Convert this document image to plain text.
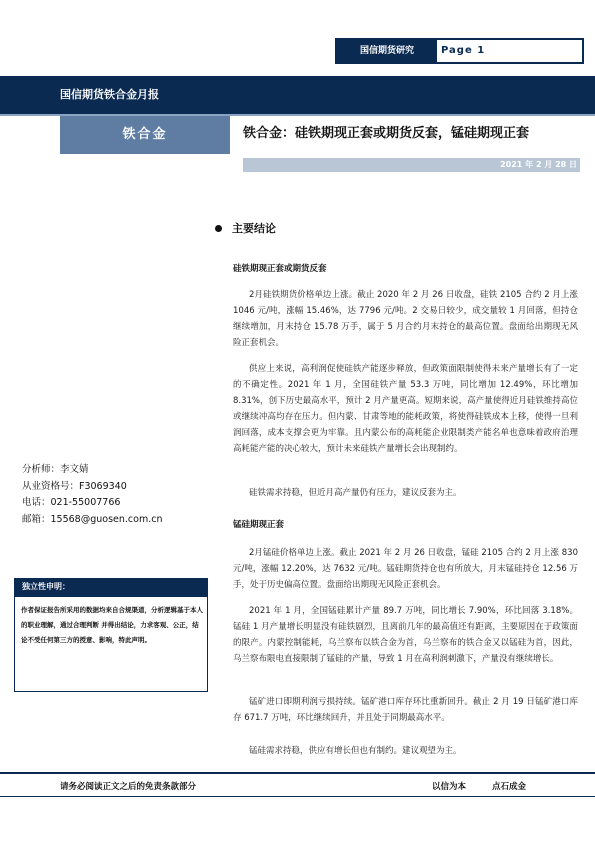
国信期货研究	Page 1
国信期货铁合金月报
铁合金	铁合金：硅铁期现正套或期货反套，锰硅期现正套
2021 年 2 月 28 日
主要结论
硅铁期现正套或期货反套
2月硅铁期货价格单边上涨。截止 2020 年 2 月 26 日收盘，硅铁 2105 合约 2 月上涨 1046 元/吨，涨幅 15.46%，达 7796 元/吨。2 交易日较少，成交量较 1 月回落，但持仓继续增加，月末持仓 15.78 万手，属于 5 月合约月末持仓的最高位置。盘面给出期现无风险正套机会。
供应上来说，高利润促使硅铁产能逐步释放，但政策面限制使得未来产量增长有了一定的不确定性。2021 年 1 月，全国硅铁产量 53.3 万吨，同比增加 12.49%，环比增加 8.31%，创下历史最高水平，预计 2 月产量更高。短期来说，高产量使得近月硅铁维持高位或继续冲高均存在压力。但内蒙、甘肃等地的能耗政策，将使得硅铁成本上移，使得一旦利润回落，成本支撑会更为牢靠。且内蒙公布的高耗能企业限制类产能名单也意味着政府治理高耗能产能的决心较大，预计未来硅铁产量增长会出现制约。
硅铁需求持稳，但近月高产量仍有压力，建议反套为主。
锰硅期现正套
2月锰硅价格单边上涨。截止 2021 年 2 月 26 日收盘，锰硅 2105 合约 2 月上涨 830 元/吨，涨幅 12.20%，达 7632 元/吨。锰硅期货持仓也有所放大，月末锰硅持仓 12.56 万手，处于历史偏高位置。盘面给出期现无风险正套机会。
2021 年 1 月，全国锰硅累计产量 89.7 万吨，同比增长 7.90%，环比回落 3.18%。锰硅 1 月产量增长明显没有硅铁剧烈，且离前几年的最高值还有距离，主要原因在于政策面的限产。内蒙控制能耗，乌兰察布以铁合金为首，乌兰察布的铁合金又以锰硅为首，因此，乌兰察布限电直接限制了锰硅的产量，导致 1 月在高利润刺激下，产量没有继续增长。
锰矿进口即期利润亏损持续。锰矿港口库存环比重新回升。截止 2 月 19 日锰矿港口库存 671.7 万吨，环比继续回升，并且处于同期最高水平。
锰硅需求持稳，供应有增长但也有制约。建议观望为主。
分析师：李文婧
从业资格号：F3069340
电话：021-55007766
邮箱：15568@guosen.com.cn
独立性申明：
作者保证报告所采用的数据均来自合规渠道，分析逻辑基于本人的职业理解，通过合理判断 并得出结论，力求客观、公正，结论不受任何第三方的授意、影响，特此声明。
请务必阅读正文之后的免责条款部分	以信为本	点石成金
